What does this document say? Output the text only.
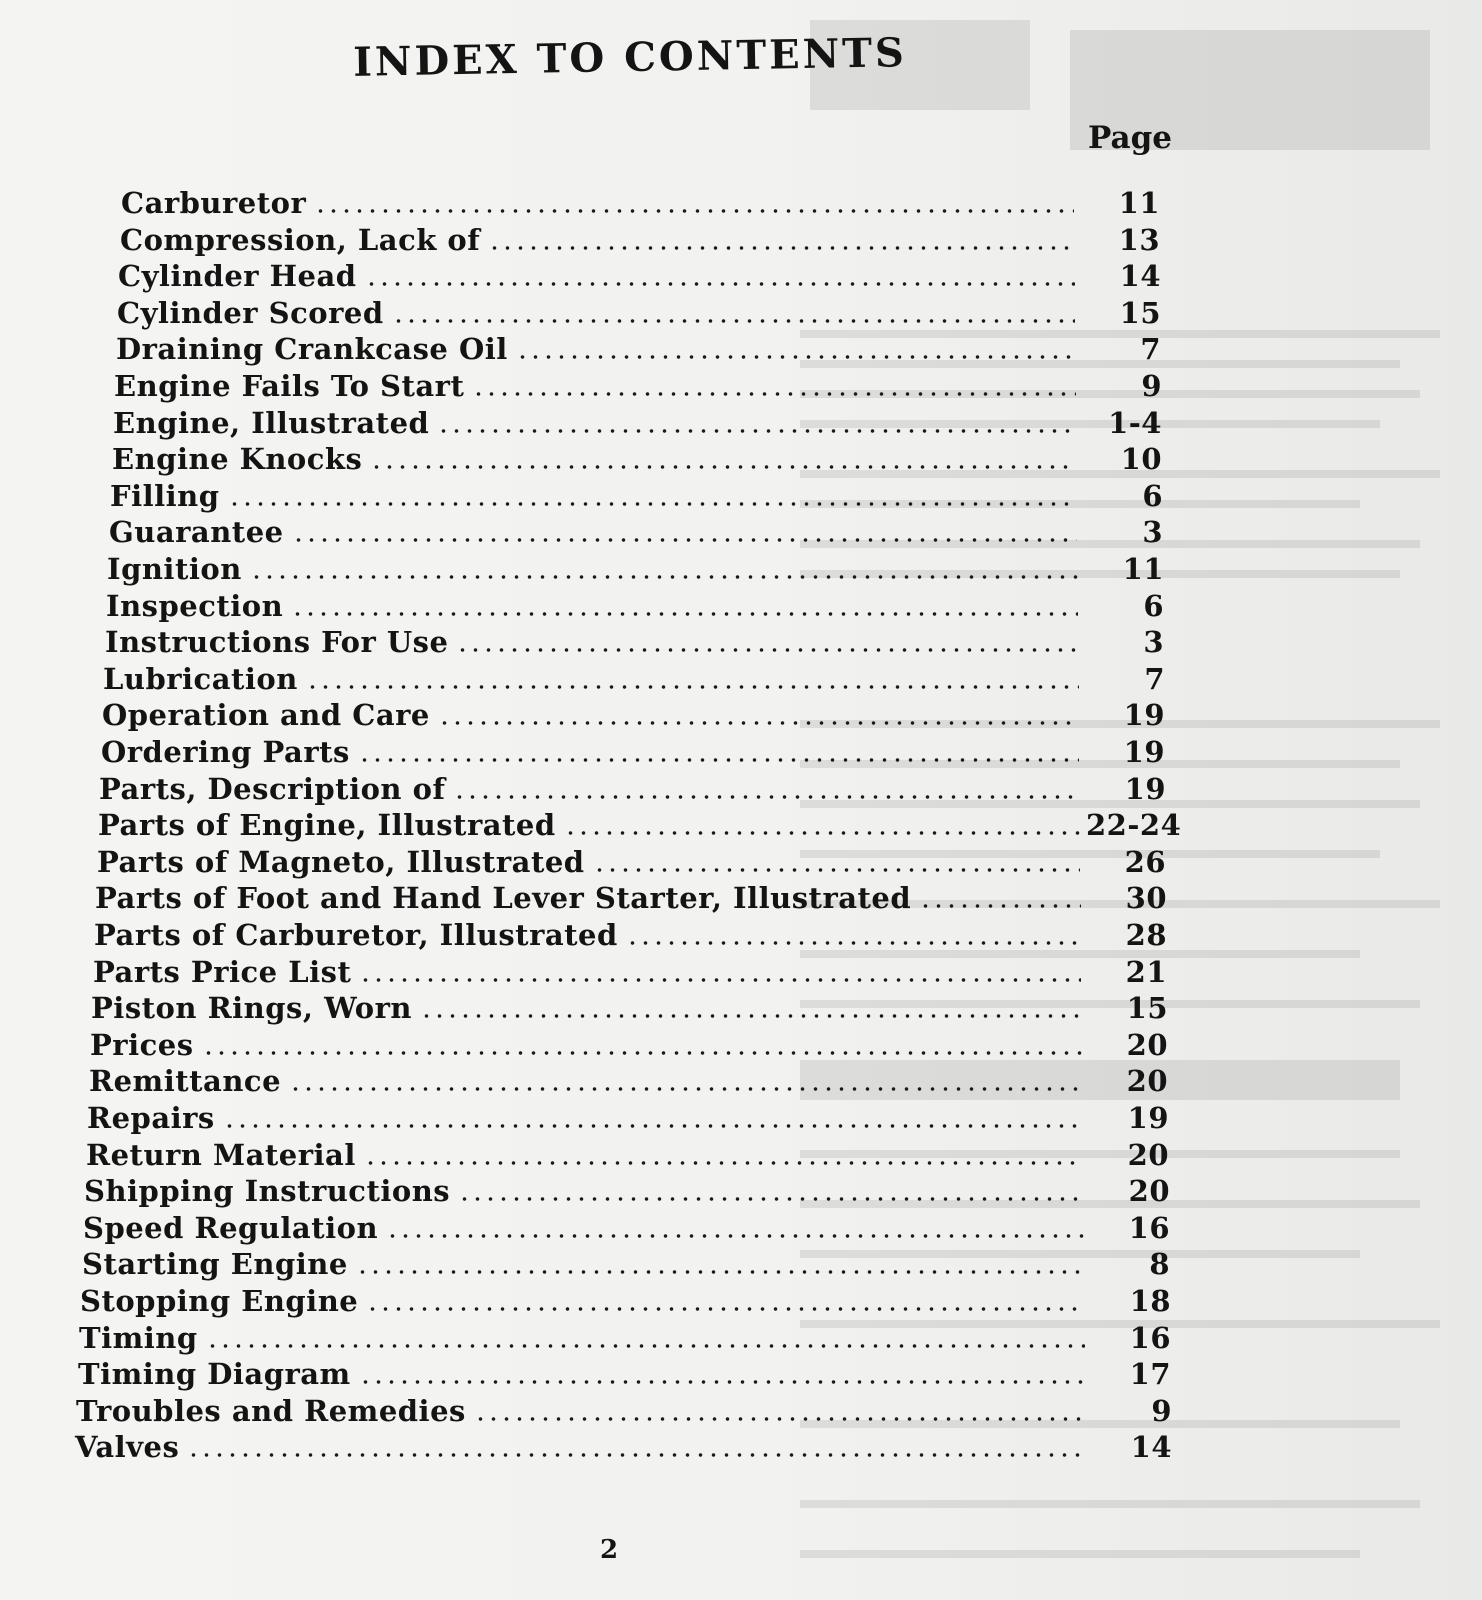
INDEX TO CONTENTS
Page
Carburetor	11
Compression, Lack of	13
Cylinder Head	14
Cylinder Scored	15
Draining Crankcase Oil	7
Engine Fails To Start	9
Engine, Illustrated	1-4
Engine Knocks	10
Filling	6
Guarantee	3
Ignition	11
Inspection	6
Instructions For Use	3
Lubrication	7
Operation and Care	19
Ordering Parts	19
Parts, Description of	19
Parts of Engine, Illustrated	22-24
Parts of Magneto, Illustrated	26
Parts of Foot and Hand Lever Starter, Illustrated	30
Parts of Carburetor, Illustrated	28
Parts Price List	21
Piston Rings, Worn	15
Prices	20
Remittance	20
Repairs	19
Return Material	20
Shipping Instructions	20
Speed Regulation	16
Starting Engine	8
Stopping Engine	18
Timing	16
Timing Diagram	17
Troubles and Remedies	9
Valves	14
2
